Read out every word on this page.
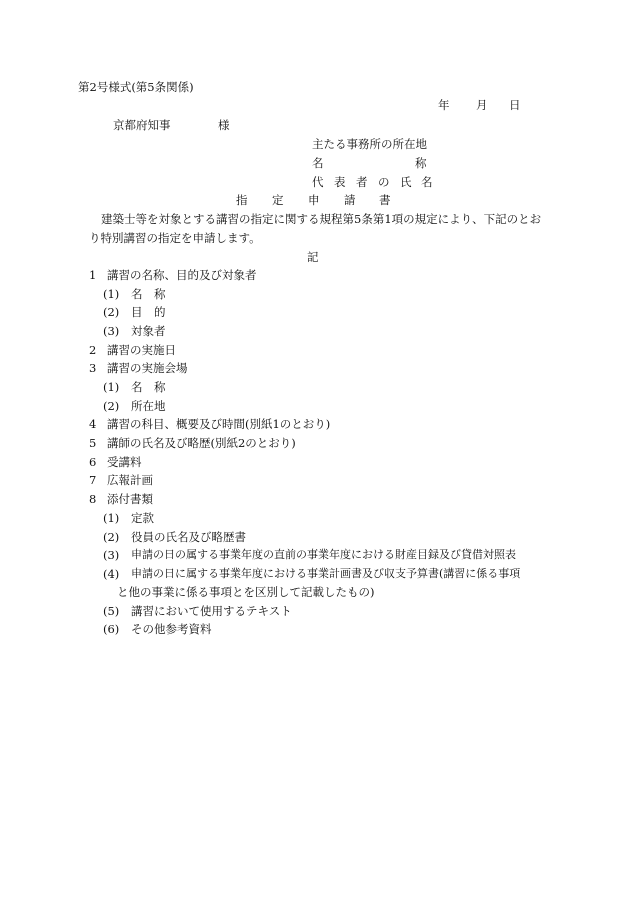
第2号様式(第5条関係)
年 月 日
京都府知事	様
主たる事務所の所在地
名	称
代 表 者 の 氏 名
指 定 申 請 書
建築士等を対象とする講習の指定に関する規程第5条第1項の規定により、下記のとお
り特別講習の指定を申請します。
記
1 講習の名称、目的及び対象者
(1) 名　称
(2) 目　的
(3) 対象者
2 講習の実施日
3 講習の実施会場
(1) 名　称
(2) 所在地
4 講習の科目、概要及び時間(別紙1のとおり)
5 講師の氏名及び略歴(別紙2のとおり)
6 受講料
7 広報計画
8 添付書類
(1) 定款
(2) 役員の氏名及び略歴書
(3) 申請の日の属する事業年度の直前の事業年度における財産目録及び貸借対照表
(4) 申請の日に属する事業年度における事業計画書及び収支予算書(講習に係る事項
と他の事業に係る事項とを区別して記載したもの)
(5) 講習において使用するテキスト
(6) その他参考資料
